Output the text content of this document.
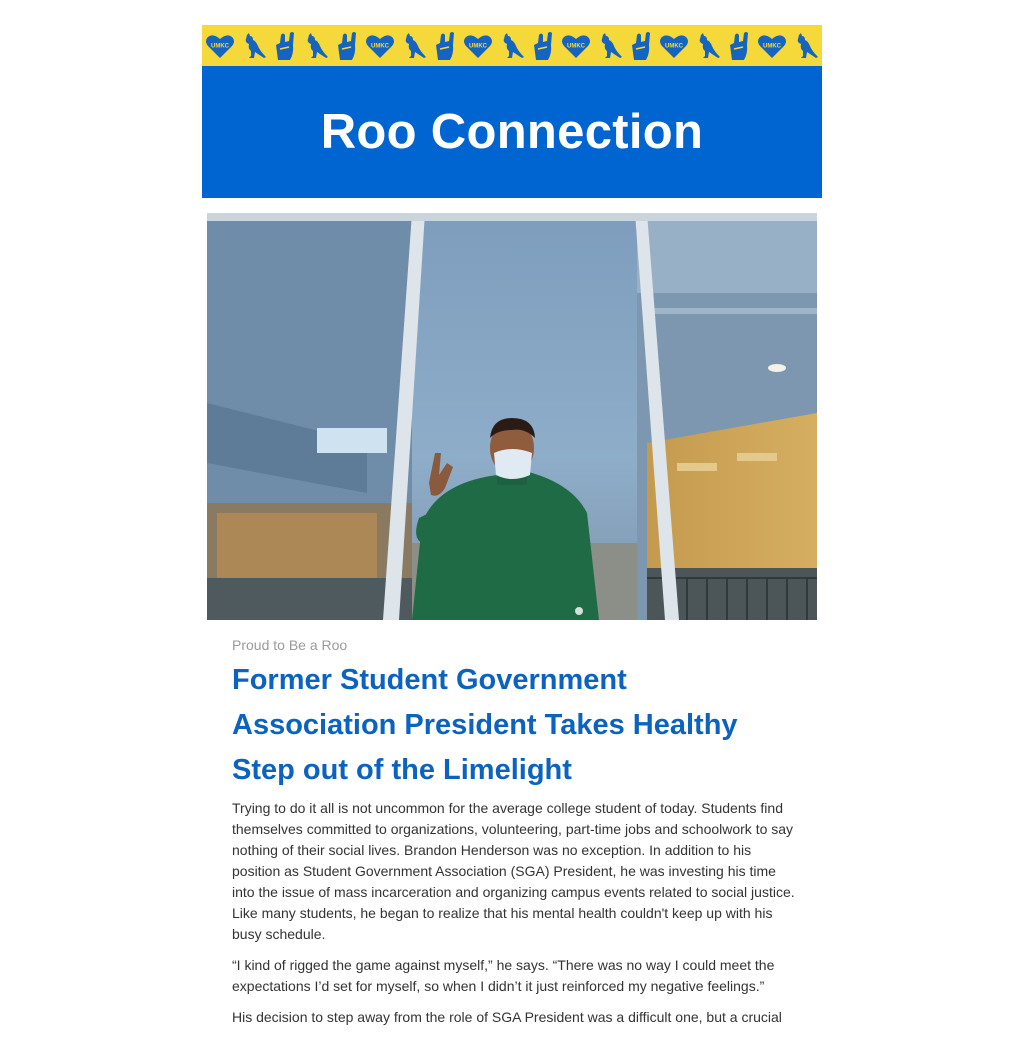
UMKC	UMKC	UMKC	UMKC	UMKC	UMKC
Roo Connection
Proud to Be a Roo
Former Student Government Association President Takes Healthy Step out of the Limelight

Trying to do it all is not uncommon for the average college student of today. Students find themselves committed to organizations, volunteering, part-time jobs and schoolwork to say nothing of their social lives. Brandon Henderson was no exception. In addition to his position as Student Government Association (SGA) President, he was investing his time into the issue of mass incarceration and organizing campus events related to social justice. Like many students, he began to realize that his mental health couldn't keep up with his busy schedule.

“I kind of rigged the game against myself,” he says. “There was no way I could meet the expectations I’d set for myself, so when I didn’t it just reinforced my negative feelings.”

His decision to step away from the role of SGA President was a difficult one, but a crucial
